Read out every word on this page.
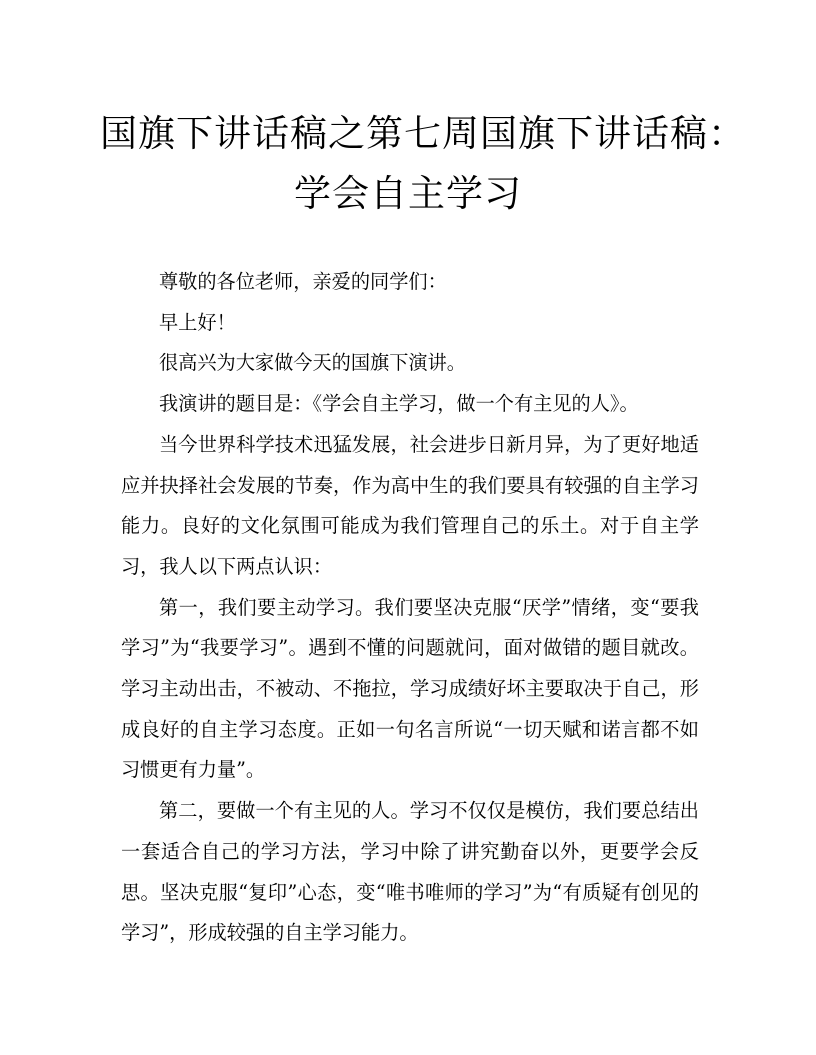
国旗下讲话稿之第七周国旗下讲话稿：
学会自主学习

尊敬的各位老师，亲爱的同学们：

早上好！

很高兴为大家做今天的国旗下演讲。

我演讲的题目是：《学会自主学习，做一个有主见的人》。

当今世界科学技术迅猛发展，社会进步日新月异，为了更好地适应并抉择社会发展的节奏，作为高中生的我们要具有较强的自主学习能力。良好的文化氛围可能成为我们管理自己的乐土。对于自主学习，我人以下两点认识：

第一，我们要主动学习。我们要坚决克服“厌学”情绪，变“要我学习”为“我要学习”。遇到不懂的问题就问，面对做错的题目就改。学习主动出击，不被动、不拖拉，学习成绩好坏主要取决于自己，形成良好的自主学习态度。正如一句名言所说“一切天赋和诺言都不如习惯更有力量”。

第二，要做一个有主见的人。学习不仅仅是模仿，我们要总结出一套适合自己的学习方法，学习中除了讲究勤奋以外，更要学会反思。坚决克服“复印”心态，变“唯书唯师的学习”为“有质疑有创见的学习”，形成较强的自主学习能力。
